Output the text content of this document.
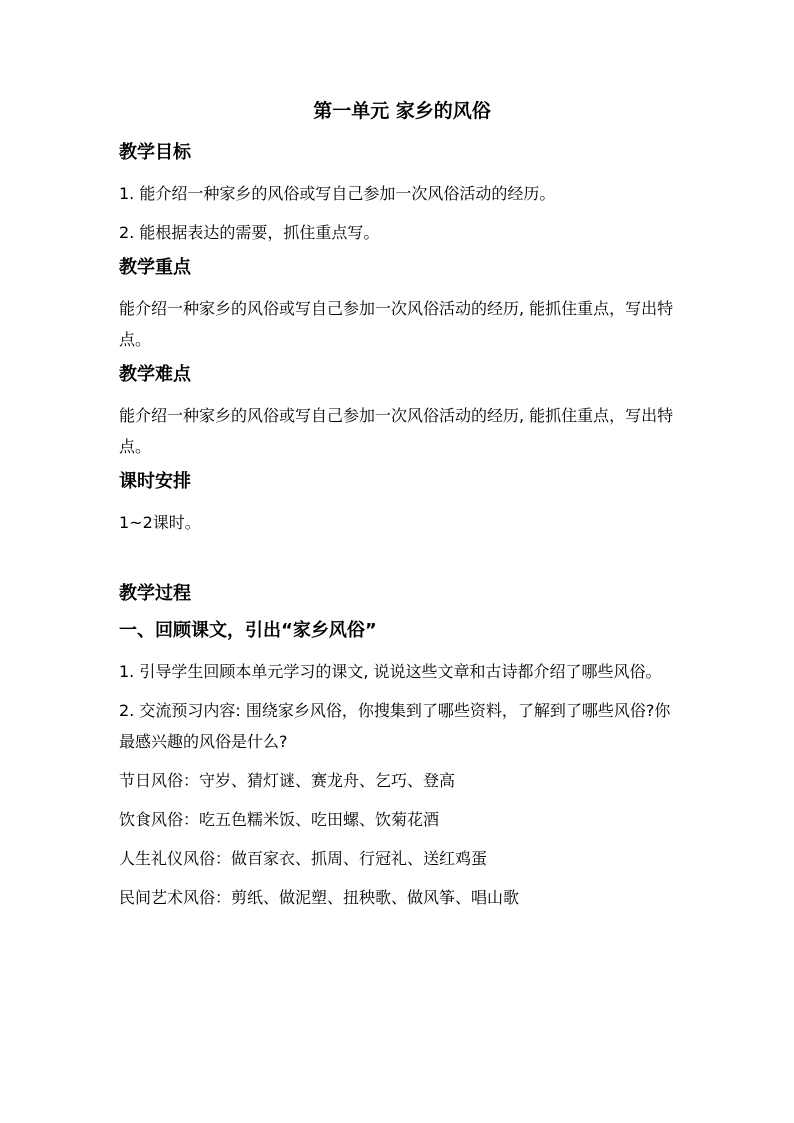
第一单元 家乡的风俗
教学目标
1. 能介绍一种家乡的风俗或写自己参加一次风俗活动的经历。
2. 能根据表达的需要，抓住重点写。
教学重点
能介绍一种家乡的风俗或写自己参加一次风俗活动的经历, 能抓住重点，写出特点。
教学难点
能介绍一种家乡的风俗或写自己参加一次风俗活动的经历, 能抓住重点，写出特点。
课时安排
1~2课时。
教学过程
一、回顾课文，引出“家乡风俗”
1. 引导学生回顾本单元学习的课文, 说说这些文章和古诗都介绍了哪些风俗。
2. 交流预习内容: 围绕家乡风俗，你搜集到了哪些资料，了解到了哪些风俗?你最感兴趣的风俗是什么?
节日风俗：守岁、猜灯谜、赛龙舟、乞巧、登高
饮食风俗：吃五色糯米饭、吃田螺、饮菊花酒
人生礼仪风俗：做百家衣、抓周、行冠礼、送红鸡蛋
民间艺术风俗：剪纸、做泥塑、扭秧歌、做风筝、唱山歌
